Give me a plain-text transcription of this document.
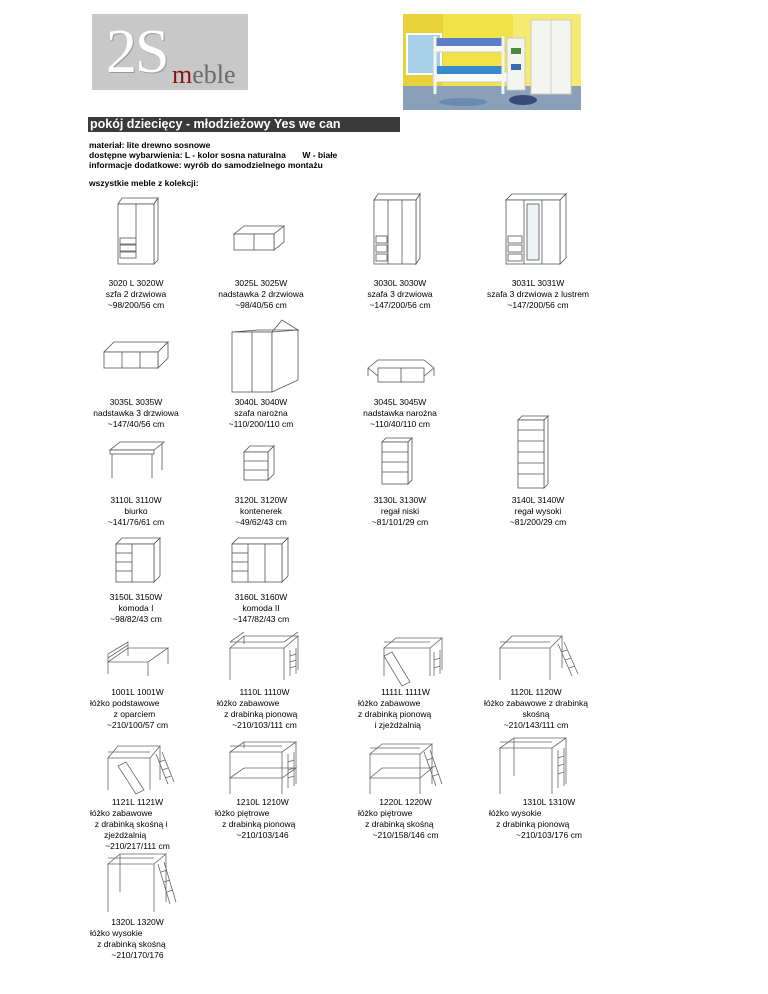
2S meble
pokój dziecięcy - młodzieżowy Yes we can
materiał: lite drewno sosnowe
dostępne wybarwienia: L - kolor sosna naturalna       W - białe
informacje dodatkowe: wyrób do samodzielnego montażu
wszystkie meble z kolekcji:
3020 L 3020W
szfa 2 drzwiowa
~98/200/56 cm
3025L 3025W
nadstawka 2 drzwiowa
~98/40/56 cm
3030L 3030W
szafa 3 drzwiowa
~147/200/56 cm
3031L 3031W
szafa 3 drzwiowa z lustrem
~147/200/56 cm
3035L 3035W
nadstawka 3 drzwiowa
~147/40/56 cm
3040L 3040W
szafa narożna
~110/200/110 cm
3045L 3045W
nadstawka narożna
~110/40/110 cm
3110L 3110W
biurko
~141/76/61 cm
3120L 3120W
kontenerek
~49/62/43 cm
3130L 3130W
regał niski
~81/101/29 cm
3140L 3140W
regał wysoki
~81/200/29 cm
3150L 3150W
komoda I
~98/82/43 cm
3160L 3160W
komoda II
~147/82/43 cm
1001L 1001W
łóżko podstawowe
z oparciem
~210/100/57 cm
1110L 1110W
łóżko zabawowe
z drabinką pionową
~210/103/111 cm
1111L 1111W
łóżko zabawowe
z drabinką pionową
i zjeżdżalnią
1120L 1120W
łóżko zabawowe z drabinką
skośną
~210/143/111 cm
1121L 1121W
łóżko zabawowe
z drabinką skośną i
zjeżdżalnią
~210/217/111 cm
1210L 1210W
łóżko piętrowe
z drabinką pionową
~210/103/146
1220L 1220W
łóżko piętrowe
z drabinką skośną
~210/158/146 cm
1310L 1310W
łóżko wysokie
z drabinką pionową
~210/103/176 cm
1320L 1320W
łóżko wysokie
z drabinką skośną
~210/170/176
